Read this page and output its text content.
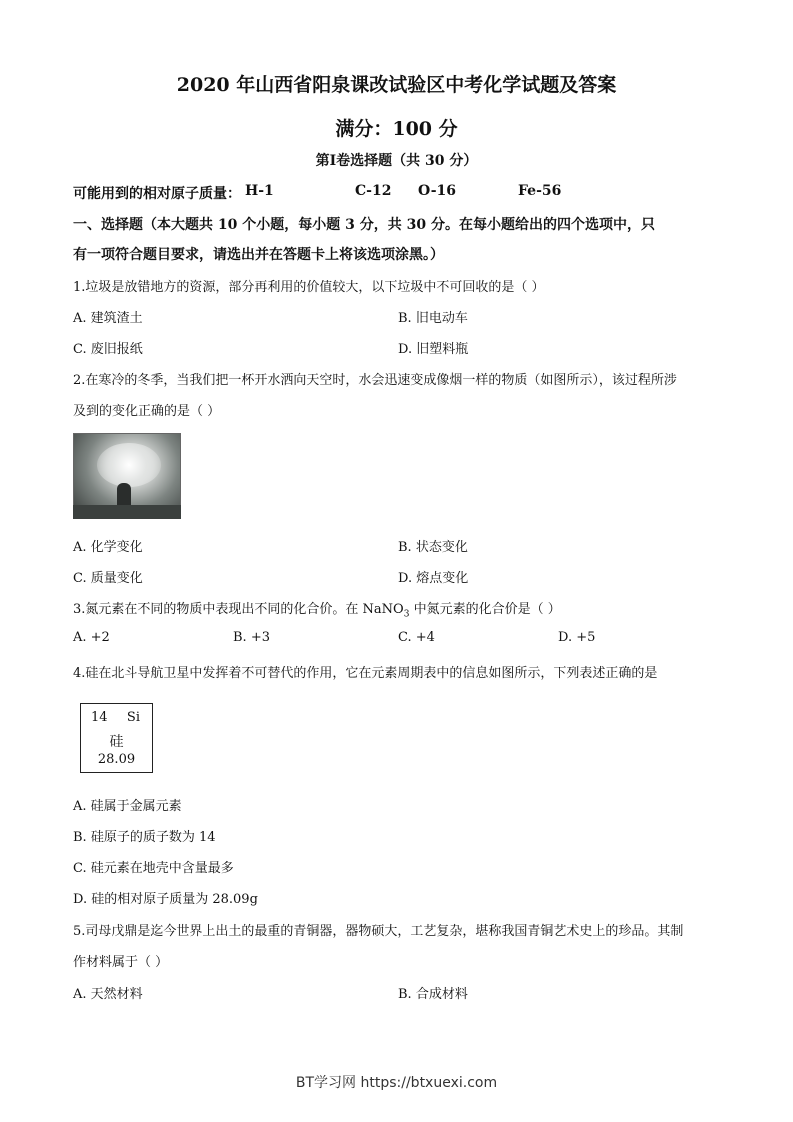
2020 年山西省阳泉课改试验区中考化学试题及答案
满分：100 分
第Ⅰ卷选择题（共 30 分）
可能用到的相对原子质量： H-1	C-12 O-16	Fe-56
一、选择题（本大题共 10 个小题，每小题 3 分，共 30 分。在每小题给出的四个选项中，只
有一项符合题目要求，请选出并在答题卡上将该选项涂黑。）
1.垃圾是放错地方的资源，部分再利用的价值较大，以下垃圾中不可回收的是（ ）
A. 建筑渣土	B. 旧电动车
C. 废旧报纸	D. 旧塑料瓶
2.在寒冷的冬季，当我们把一杯开水洒向天空时，水会迅速变成像烟一样的物质（如图所示），该过程所涉
及到的变化正确的是（ ）
A. 化学变化	B. 状态变化
C. 质量变化	D. 熔点变化
3.氮元素在不同的物质中表现出不同的化合价。在 NaNO$_3$ 中氮元素的化合价是（ ）
A. +2	B. +3	C. +4	D. +5
4.硅在北斗导航卫星中发挥着不可替代的作用，它在元素周期表中的信息如图所示，下列表述正确的是
14 Si
硅
28.09
A. 硅属于金属元素
B. 硅原子的质子数为 14
C. 硅元素在地壳中含量最多
D. 硅的相对原子质量为 28.09g
5.司母戊鼎是迄今世界上出土的最重的青铜器，器物硕大，工艺复杂，堪称我国青铜艺术史上的珍品。其制
作材料属于（ ）
A. 天然材料	B. 合成材料
BT学习网 https://btxuexi.com
